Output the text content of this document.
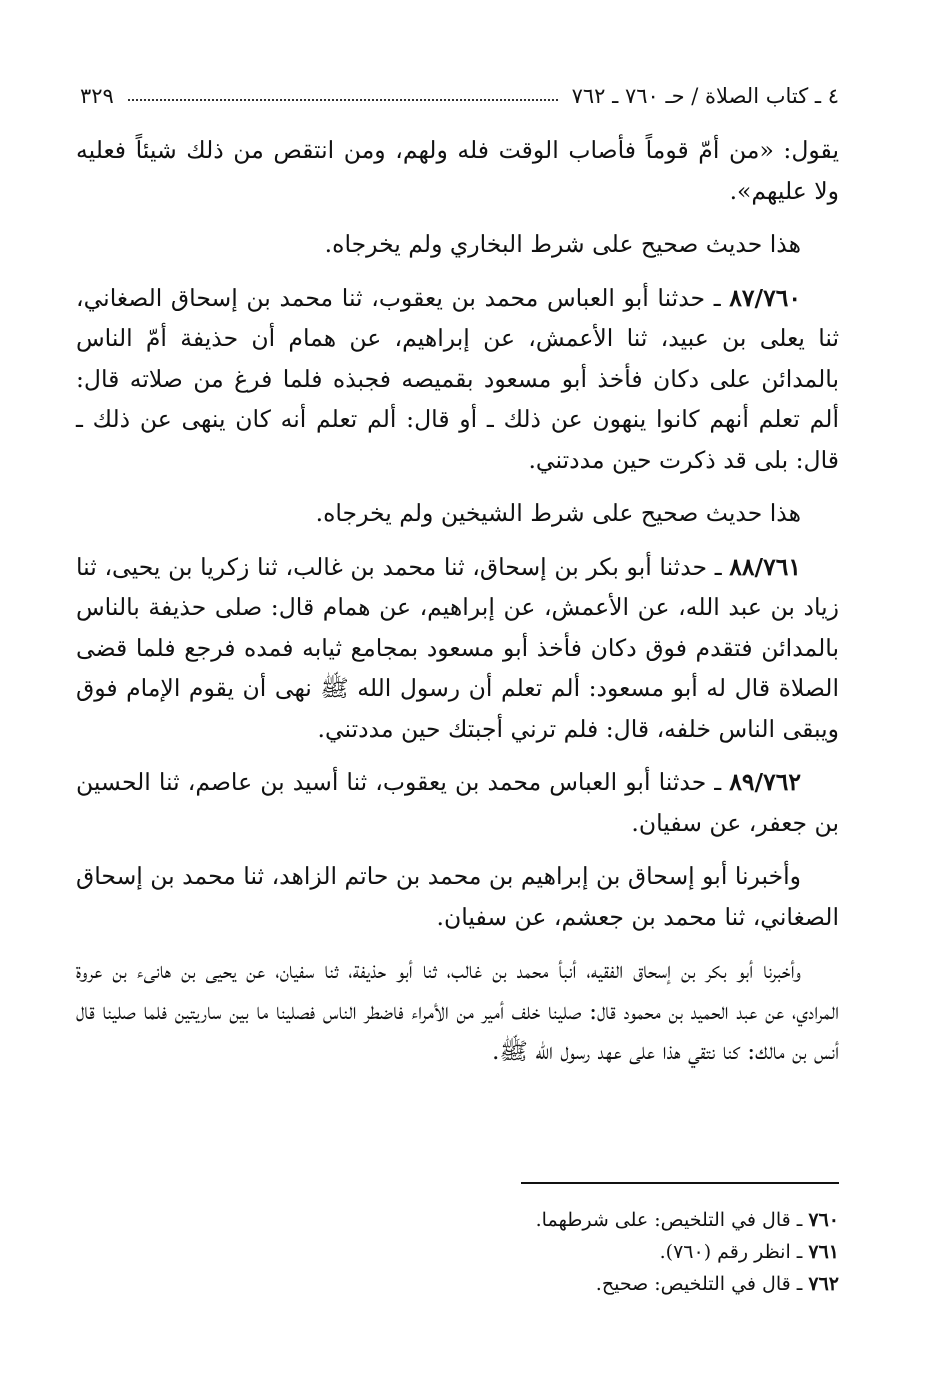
٤ ـ كتاب الصلاة / حـ ٧٦٠ ـ ٧٦٢
٣٢٩

يقول: «من أمّ قوماً فأصاب الوقت فله ولهم، ومن انتقص من ذلك شيئاً فعليه ولا عليهم».

هذا حديث صحيح على شرط البخاري ولم يخرجاه.

٨٧/٧٦٠ ـ حدثنا أبو العباس محمد بن يعقوب، ثنا محمد بن إسحاق الصغاني، ثنا يعلى بن عبيد، ثنا الأعمش، عن إبراهيم، عن همام أن حذيفة أمّ الناس بالمدائن على دكان فأخذ أبو مسعود بقميصه فجبذه فلما فرغ من صلاته قال: ألم تعلم أنهم كانوا ينهون عن ذلك ـ أو قال: ألم تعلم أنه كان ينهى عن ذلك ـ قال: بلى قد ذكرت حين مددتني.

هذا حديث صحيح على شرط الشيخين ولم يخرجاه.

٨٨/٧٦١ ـ حدثنا أبو بكر بن إسحاق، ثنا محمد بن غالب، ثنا زكريا بن يحيى، ثنا زياد بن عبد الله، عن الأعمش، عن إبراهيم، عن همام قال: صلى حذيفة بالناس بالمدائن فتقدم فوق دكان فأخذ أبو مسعود بمجامع ثيابه فمده فرجع فلما قضى الصلاة قال له أبو مسعود: ألم تعلم أن رسول الله ﷺ نهى أن يقوم الإمام فوق ويبقى الناس خلفه، قال: فلم ترني أجبتك حين مددتني.

٨٩/٧٦٢ ـ حدثنا أبو العباس محمد بن يعقوب، ثنا أسيد بن عاصم، ثنا الحسين بن جعفر، عن سفيان.

وأخبرنا أبو إسحاق بن إبراهيم بن محمد بن حاتم الزاهد، ثنا محمد بن إسحاق الصغاني، ثنا محمد بن جعشم، عن سفيان.

وأخبرنا أبو بكر بن إسحاق الفقيه، أنبأ محمد بن غالب، ثنا أبو حذيفة، ثنا سفيان، عن يحيى بن هانىء بن عروة المرادي، عن عبد الحميد بن محمود قال: صلينا خلف أمير من الأمراء فاضطر الناس فصلينا ما بين ساريتين فلما صلينا قال أنس بن مالك: كنا نتقي هذا على عهد رسول الله ﷺ.

٧٦٠ ـ قال في التلخيص: على شرطهما.

٧٦١ ـ انظر رقم (٧٦٠).

٧٦٢ ـ قال في التلخيص: صحيح.
